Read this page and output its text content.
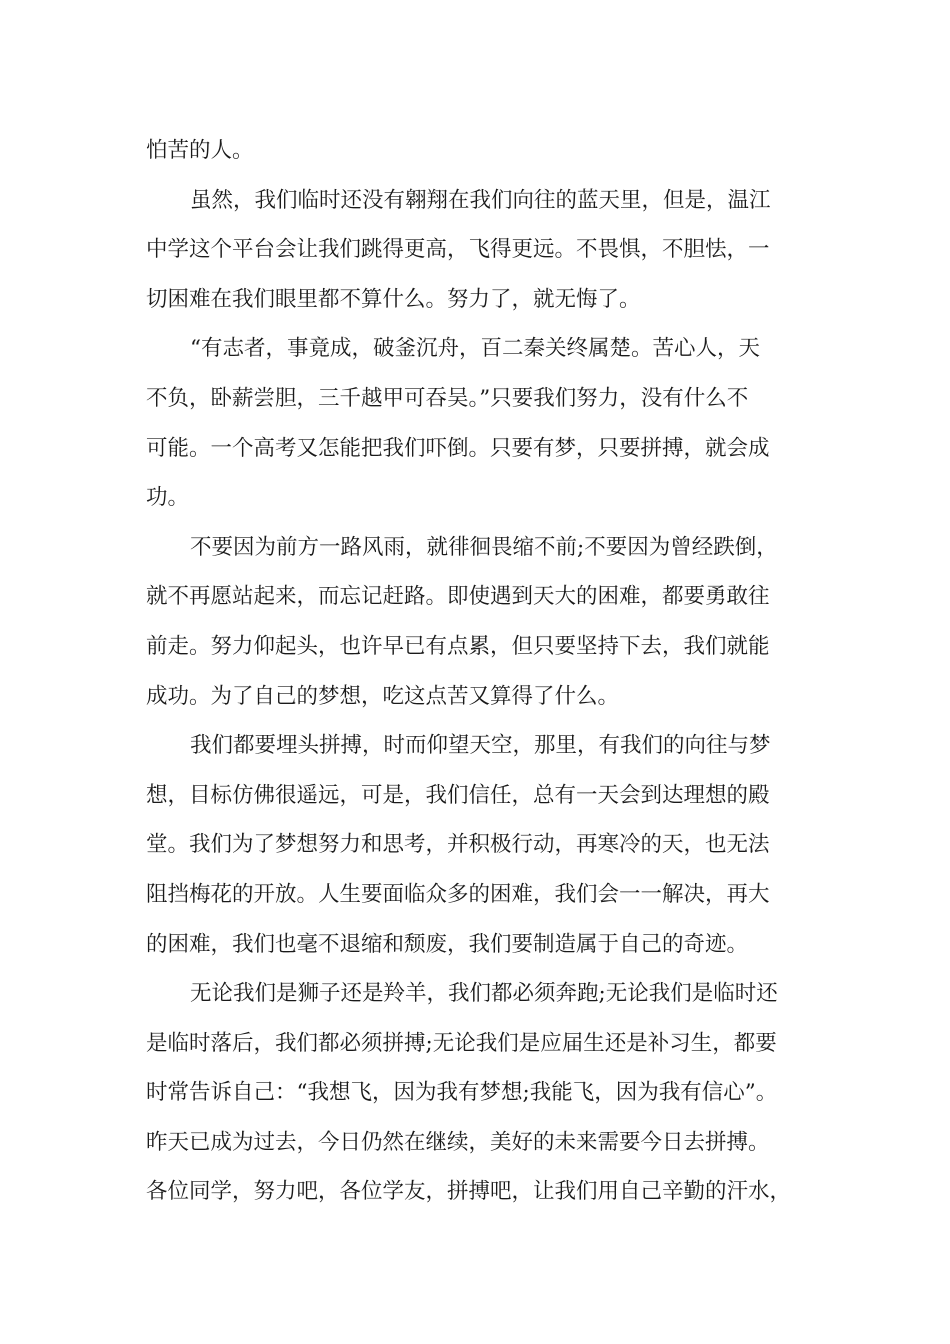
怕苦的人。
虽然，我们临时还没有翱翔在我们向往的蓝天里，但是，温江
中学这个平台会让我们跳得更高，飞得更远。不畏惧，不胆怯，一
切困难在我们眼里都不算什么。努力了，就无悔了。
“有志者，事竟成，破釜沉舟，百二秦关终属楚。苦心人，天
不负，卧薪尝胆，三千越甲可吞吴。”只要我们努力，没有什么不
可能。一个高考又怎能把我们吓倒。只要有梦，只要拼搏，就会成
功。
不要因为前方一路风雨，就徘徊畏缩不前;不要因为曾经跌倒，
就不再愿站起来，而忘记赶路。即使遇到天大的困难，都要勇敢往
前走。努力仰起头，也许早已有点累，但只要坚持下去，我们就能
成功。为了自己的梦想，吃这点苦又算得了什么。
我们都要埋头拼搏，时而仰望天空，那里，有我们的向往与梦
想，目标仿佛很遥远，可是，我们信任，总有一天会到达理想的殿
堂。我们为了梦想努力和思考，并积极行动，再寒冷的天，也无法
阻挡梅花的开放。人生要面临众多的困难，我们会一一解决，再大
的困难，我们也毫不退缩和颓废，我们要制造属于自己的奇迹。
无论我们是狮子还是羚羊，我们都必须奔跑;无论我们是临时还
是临时落后，我们都必须拼搏;无论我们是应届生还是补习生，都要
时常告诉自己：“我想飞，因为我有梦想;我能飞，因为我有信心”。
昨天已成为过去，今日仍然在继续，美好的未来需要今日去拼搏。
各位同学，努力吧，各位学友，拼搏吧，让我们用自己辛勤的汗水，
